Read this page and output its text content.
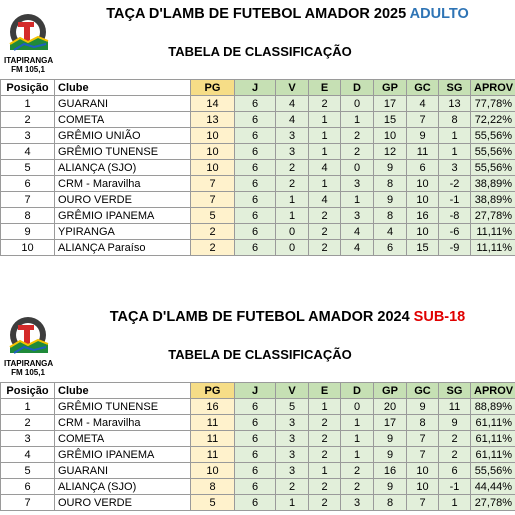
ITAPIRANGA
FM 105,1
TAÇA D'LAMB DE FUTEBOL AMADOR 2025 ADULTO
TABELA DE CLASSIFICAÇÃO
Posição	Clube	PG	J	V	E	D	GP	GC	SG	APROV
1	GUARANI	14	6	4	2	0	17	4	13	77,78%
2	COMETA	13	6	4	1	1	15	7	8	72,22%
3	GRÊMIO UNIÃO	10	6	3	1	2	10	9	1	55,56%
4	GRÊMIO TUNENSE	10	6	3	1	2	12	11	1	55,56%
5	ALIANÇA (SJO)	10	6	2	4	0	9	6	3	55,56%
6	CRM - Maravilha	7	6	2	1	3	8	10	-2	38,89%
7	OURO VERDE	7	6	1	4	1	9	10	-1	38,89%
8	GRÊMIO IPANEMA	5	6	1	2	3	8	16	-8	27,78%
9	YPIRANGA	2	6	0	2	4	4	10	-6	11,11%
10	ALIANÇA Paraíso	2	6	0	2	4	6	15	-9	11,11%
ITAPIRANGA
FM 105,1
TAÇA D'LAMB DE FUTEBOL AMADOR 2024 SUB-18
TABELA DE CLASSIFICAÇÃO
Posição	Clube	PG	J	V	E	D	GP	GC	SG	APROV
1	GRÊMIO TUNENSE	16	6	5	1	0	20	9	11	88,89%
2	CRM - Maravilha	11	6	3	2	1	17	8	9	61,11%
3	COMETA	11	6	3	2	1	9	7	2	61,11%
4	GRÊMIO IPANEMA	11	6	3	2	1	9	7	2	61,11%
5	GUARANI	10	6	3	1	2	16	10	6	55,56%
6	ALIANÇA (SJO)	8	6	2	2	2	9	10	-1	44,44%
7	OURO VERDE	5	6	1	2	3	8	7	1	27,78%
